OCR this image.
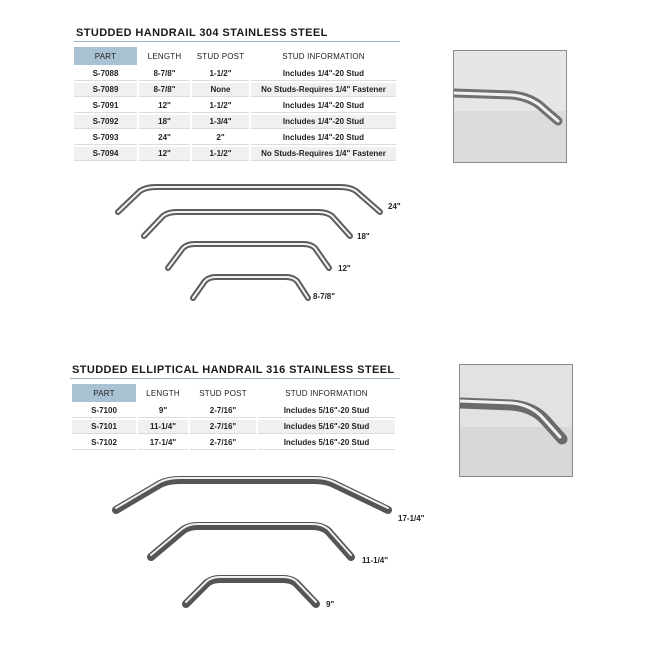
STUDDED HANDRAIL 304 STAINLESS STEEL
PART	LENGTH	STUD POST	STUD INFORMATION
S-7088	8-7/8"	1-1/2"	Includes 1/4"-20 Stud
S-7089	8-7/8"	None	No Studs-Requires 1/4" Fastener
S-7091	12"	1-1/2"	Includes 1/4"-20 Stud
S-7092	18"	1-3/4"	Includes 1/4"-20 Stud
S-7093	24"	2"	Includes 1/4"-20 Stud
S-7094	12"	1-1/2"	No Studs-Requires 1/4" Fastener
STUDDED ELLIPTICAL HANDRAIL 316 STAINLESS STEEL
PART	LENGTH	STUD POST	STUD INFORMATION
S-7100	9"	2-7/16"	Includes 5/16"-20 Stud
S-7101	11-1/4"	2-7/16"	Includes 5/16"-20 Stud
S-7102	17-1/4"	2-7/16"	Includes 5/16"-20 Stud
24"
18"
12"
8-7/8"
17-1/4"
11-1/4"
9"
